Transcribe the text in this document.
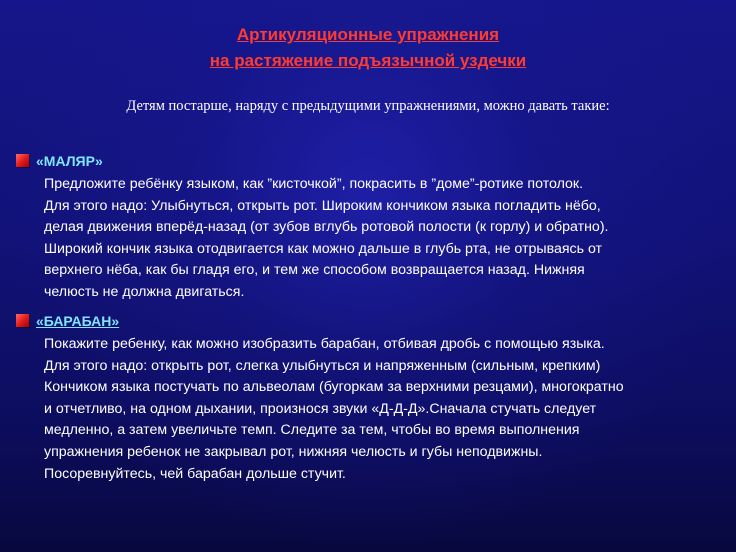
Артикуляционные упражнения
на растяжение подъязычной уздечки
Детям постарше, наряду с предыдущими упражнениями, можно давать такие:
«МАЛЯР»
Предложите ребёнку языком, как ”кисточкой”, покрасить в ”доме”-ротике потолок.
Для этого надо: Улыбнуться, открыть рот. Широким кончиком языка погладить нёбо,
делая движения вперёд-назад (от зубов вглубь ротовой полости (к горлу) и обратно).
Широкий кончик языка отодвигается как можно дальше в глубь рта, не отрываясь от
верхнего нёба, как бы гладя его, и тем же способом возвращается назад. Нижняя
челюсть не должна двигаться.
«БАРАБАН»
Покажите ребенку, как можно изобразить барабан, отбивая дробь с помощью языка.
Для этого надо: открыть рот, слегка улыбнуться и напряженным (сильным, крепким)
Кончиком языка постучать по альвеолам (бугоркам за верхними резцами), многократно
и отчетливо, на одном дыхании, произнося звуки «Д-Д-Д».Сначала стучать следует
медленно, а затем увеличьте темп. Следите за тем, чтобы во время выполнения
упражнения ребенок не закрывал рот, нижняя челюсть и губы неподвижны.
Посоревнуйтесь, чей барабан дольше стучит.
